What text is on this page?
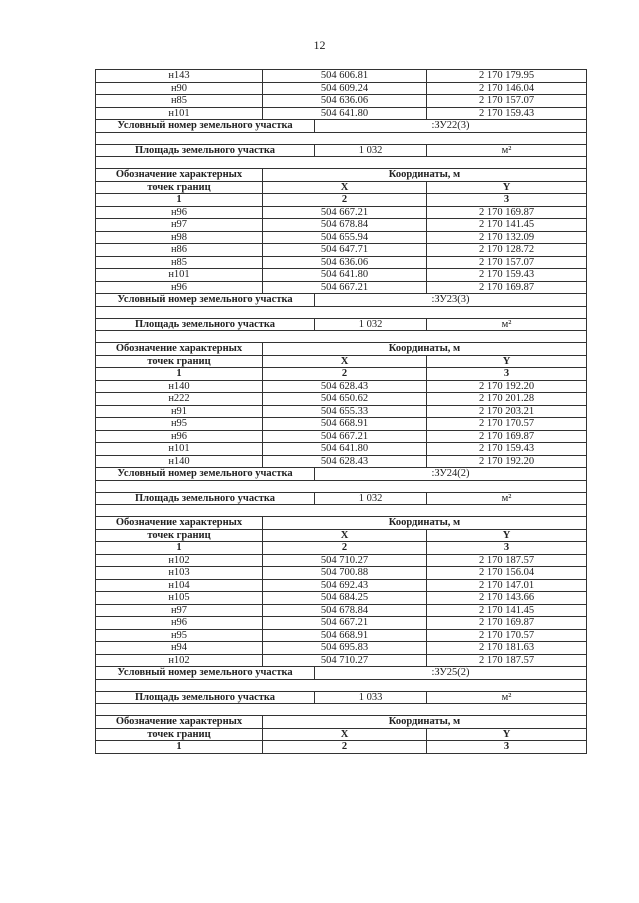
12
н143	504 606.81		2 170 179.95
н90	504 609.24		2 170 146.04
н85	504 636.06		2 170 157.07
н101	504 641.80		2 170 159.43
Условный номер земельного участка		:ЗУ22(3)	

Площадь земельного участка		1 032	м²

Обозначение характерных	Координаты, м		
точек границ	X		Y
1	2		3
н96	504 667.21		2 170 169.87
н97	504 678.84		2 170 141.45
н98	504 655.94		2 170 132.09
н86	504 647.71		2 170 128.72
н85	504 636.06		2 170 157.07
н101	504 641.80		2 170 159.43
н96	504 667.21		2 170 169.87
Условный номер земельного участка		:ЗУ23(3)	

Площадь земельного участка		1 032	м²

Обозначение характерных	Координаты, м		
точек границ	X		Y
1	2		3
н140	504 628.43		2 170 192.20
н222	504 650.62		2 170 201.28
н91	504 655.33		2 170 203.21
н95	504 668.91		2 170 170.57
н96	504 667.21		2 170 169.87
н101	504 641.80		2 170 159.43
н140	504 628.43		2 170 192.20
Условный номер земельного участка		:ЗУ24(2)	

Площадь земельного участка		1 032	м²

Обозначение характерных	Координаты, м		
точек границ	X		Y
1	2		3
н102	504 710.27		2 170 187.57
н103	504 700.88		2 170 156.04
н104	504 692.43		2 170 147.01
н105	504 684.25		2 170 143.66
н97	504 678.84		2 170 141.45
н96	504 667.21		2 170 169.87
н95	504 668.91		2 170 170.57
н94	504 695.83		2 170 181.63
н102	504 710.27		2 170 187.57
Условный номер земельного участка		:ЗУ25(2)	

Площадь земельного участка		1 033	м²

Обозначение характерных	Координаты, м		
точек границ	X		Y
1	2		3
